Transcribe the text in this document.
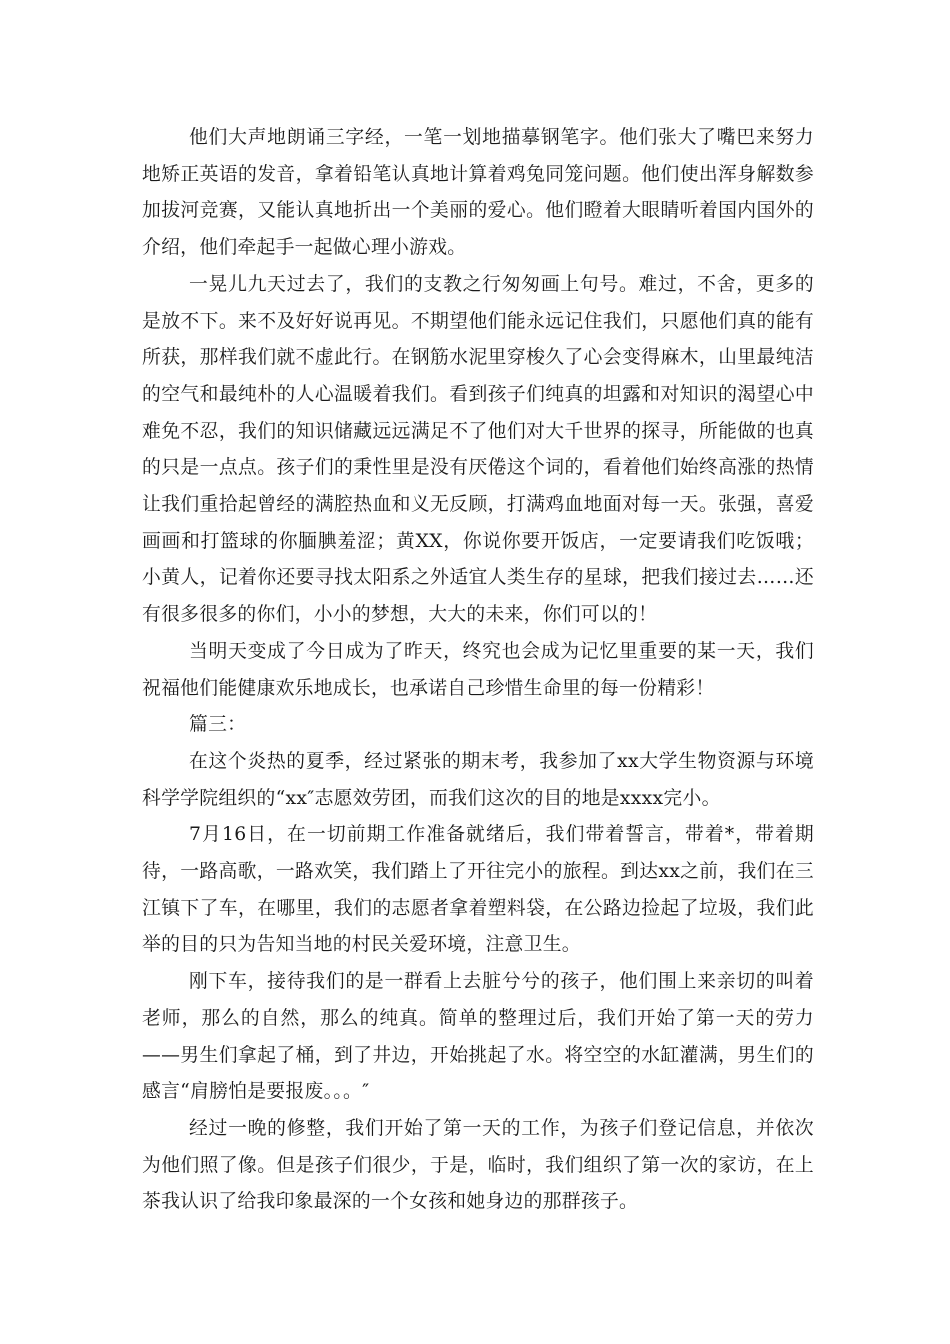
他们大声地朗诵三字经，一笔一划地描摹钢笔字。他们张大了嘴巴来努力地矫正英语的发音，拿着铅笔认真地计算着鸡兔同笼问题。他们使出浑身解数参加拔河竞赛，又能认真地折出一个美丽的爱心。他们瞪着大眼睛听着国内国外的介绍，他们牵起手一起做心理小游戏。

一晃儿九天过去了，我们的支教之行匆匆画上句号。难过，不舍，更多的是放不下。来不及好好说再见。不期望他们能永远记住我们，只愿他们真的能有所获，那样我们就不虚此行。在钢筋水泥里穿梭久了心会变得麻木，山里最纯洁的空气和最纯朴的人心温暖着我们。看到孩子们纯真的坦露和对知识的渴望心中难免不忍，我们的知识储藏远远满足不了他们对大千世界的探寻，所能做的也真的只是一点点。孩子们的秉性里是没有厌倦这个词的，看着他们始终高涨的热情让我们重拾起曾经的满腔热血和义无反顾，打满鸡血地面对每一天。张强，喜爱画画和打篮球的你腼腆羞涩；黄XX，你说你要开饭店，一定要请我们吃饭哦；小黄人，记着你还要寻找太阳系之外适宜人类生存的星球，把我们接过去……还有很多很多的你们，小小的梦想，大大的未来，你们可以的！

当明天变成了今日成为了昨天，终究也会成为记忆里重要的某一天，我们祝福他们能健康欢乐地成长，也承诺自己珍惜生命里的每一份精彩！

篇三：

在这个炎热的夏季，经过紧张的期末考，我参加了xx大学生物资源与环境科学学院组织的“xx″志愿效劳团，而我们这次的目的地是xxxx完小。

7月16日，在一切前期工作准备就绪后，我们带着誓言，带着*，带着期待，一路高歌，一路欢笑，我们踏上了开往完小的旅程。到达xx之前，我们在三江镇下了车，在哪里，我们的志愿者拿着塑料袋，在公路边捡起了垃圾，我们此举的目的只为告知当地的村民关爱环境，注意卫生。

刚下车，接待我们的是一群看上去脏兮兮的孩子，他们围上来亲切的叫着老师，那么的自然，那么的纯真。简单的整理过后，我们开始了第一天的劳力——男生们拿起了桶，到了井边，开始挑起了水。将空空的水缸灌满，男生们的感言“肩膀怕是要报废。。。″

经过一晚的修整，我们开始了第一天的工作，为孩子们登记信息，并依次为他们照了像。但是孩子们很少，于是，临时，我们组织了第一次的家访，在上茶我认识了给我印象最深的一个女孩和她身边的那群孩子。
